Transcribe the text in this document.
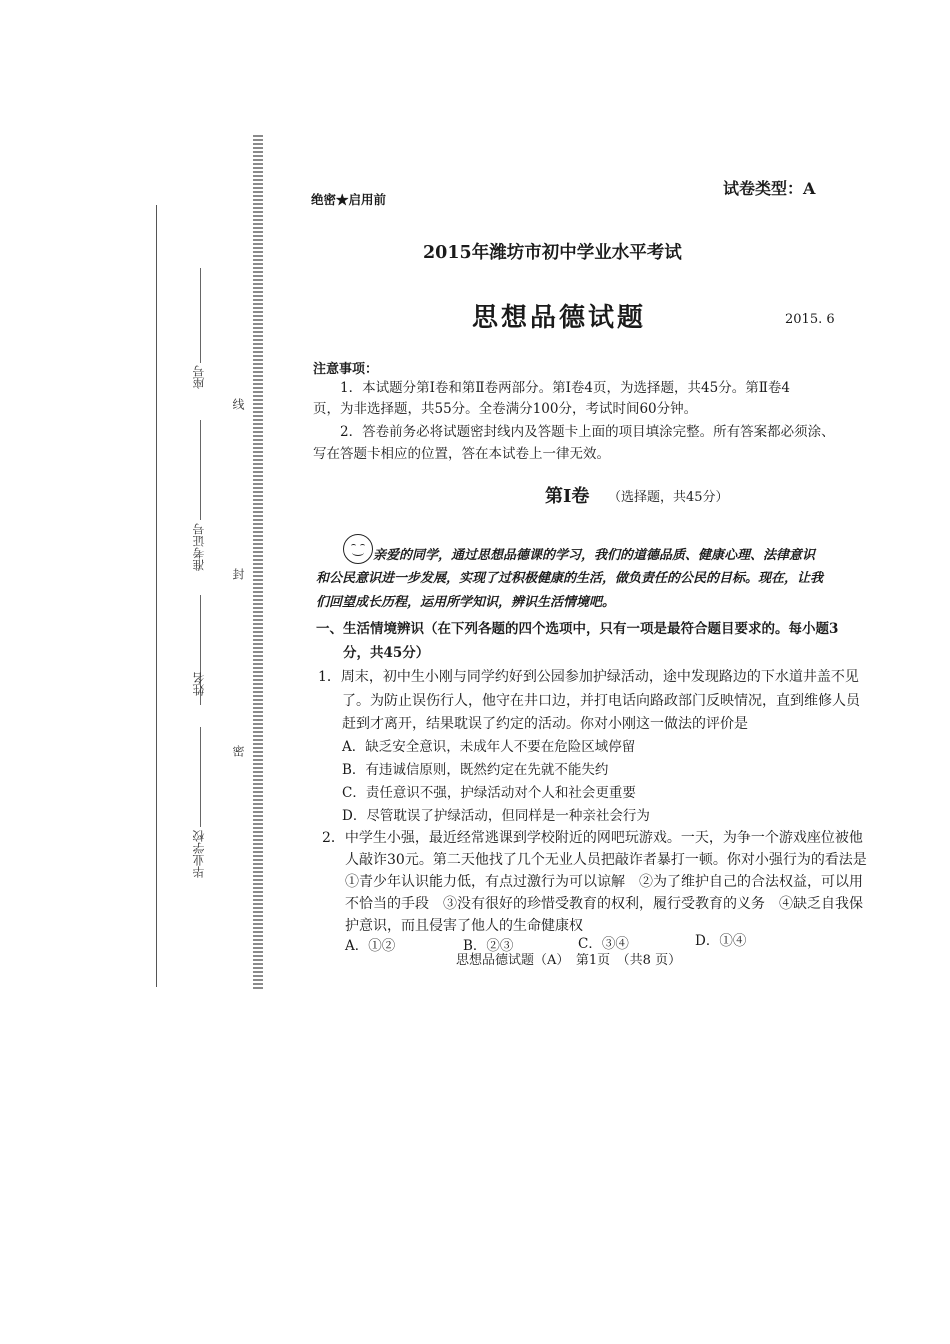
座号
准考证号
姓名
毕业学校
线
封
密
绝密★启用前
试卷类型：A
2015年潍坊市初中学业水平考试
思想品德试题	2015. 6
注意事项：
1．本试题分第Ⅰ卷和第Ⅱ卷两部分。第Ⅰ卷4页，为选择题，共45分。第Ⅱ卷4
页，为非选择题，共55分。全卷满分100分，考试时间60分钟。
2．答卷前务必将试题密封线内及答题卡上面的项目填涂完整。所有答案都必须涂、
写在答题卡相应的位置，答在本试卷上一律无效。
第Ⅰ卷 （选择题，共45分）
亲爱的同学，通过思想品德课的学习，我们的道德品质、健康心理、法律意识
和公民意识进一步发展，实现了过积极健康的生活，做负责任的公民的目标。现在，让我
们回望成长历程，运用所学知识，辨识生活情境吧。
一、生活情境辨识（在下列各题的四个选项中，只有一项是最符合题目要求的。每小题3
分，共45分）
1．周末，初中生小刚与同学约好到公园参加护绿活动，途中发现路边的下水道井盖不见
了。为防止误伤行人，他守在井口边，并打电话向路政部门反映情况，直到维修人员
赶到才离开，结果耽误了约定的活动。你对小刚这一做法的评价是
A．缺乏安全意识，未成年人不要在危险区域停留
B．有违诚信原则，既然约定在先就不能失约
C．责任意识不强，护绿活动对个人和社会更重要
D．尽管耽误了护绿活动，但同样是一种亲社会行为
2．中学生小强，最近经常逃课到学校附近的网吧玩游戏。一天，为争一个游戏座位被他
人敲诈30元。第二天他找了几个无业人员把敲诈者暴打一顿。你对小强行为的看法是
①青少年认识能力低，有点过激行为可以谅解　②为了维护自己的合法权益，可以用
不恰当的手段　③没有很好的珍惜受教育的权利，履行受教育的义务　④缺乏自我保
护意识，而且侵害了他人的生命健康权
A．①②	B．②③	C．③④	D．①④
思想品德试题（A）　第1页　（共8 页）
